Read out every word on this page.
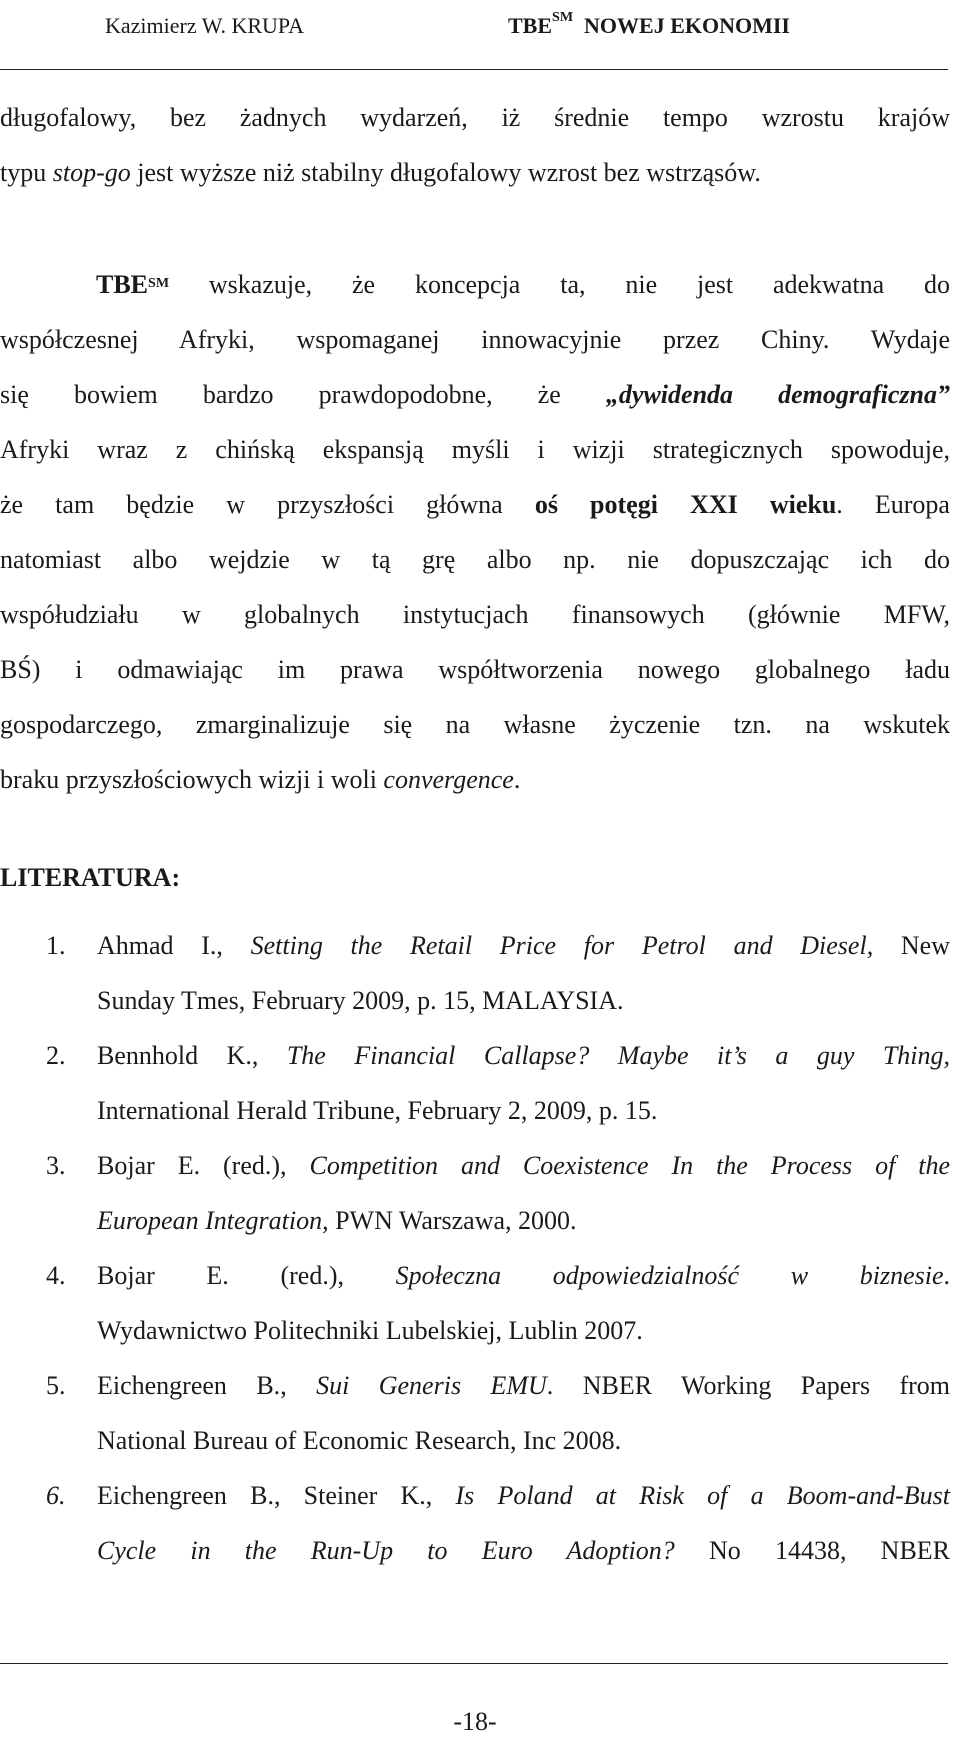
Kazimierz W. KRUPA	TBE℠ NOWEJ EKONOMII
długofalowy, bez żadnych wydarzeń, iż średnie tempo wzrostu krajów
typu stop-go jest wyższe niż stabilny długofalowy wzrost bez wstrząsów.
TBE℠ wskazuje, że koncepcja ta, nie jest adekwatna do
współczesnej Afryki, wspomaganej innowacyjnie przez Chiny. Wydaje
się bowiem bardzo prawdopodobne, że „dywidenda demograficzna”
Afryki wraz z chińską ekspansją myśli i wizji strategicznych spowoduje,
że tam będzie w przyszłości główna oś potęgi XXI wieku. Europa
natomiast albo wejdzie w tą grę albo np. nie dopuszczając ich do
współudziału w globalnych instytucjach finansowych (głównie MFW,
BŚ) i odmawiając im prawa współtworzenia nowego globalnego ładu
gospodarczego, zmarginalizuje się na własne życzenie tzn. na wskutek
braku przyszłościowych wizji i woli convergence.
LITERATURA:
1. Ahmad I., Setting the Retail Price for Petrol and Diesel, New
Sunday Tmes, February 2009, p. 15, MALAYSIA.
2. Bennhold K., The Financial Callapse? Maybe it’s a guy Thing,
International Herald Tribune, February 2, 2009, p. 15.
3. Bojar E. (red.), Competition and Coexistence In the Process of the
European Integration, PWN Warszawa, 2000.
4. Bojar E. (red.), Społeczna odpowiedzialność w biznesie.
Wydawnictwo Politechniki Lubelskiej, Lublin 2007.
5. Eichengreen B., Sui Generis EMU. NBER Working Papers from
National Bureau of Economic Research, Inc 2008.
6. Eichengreen B., Steiner K., Is Poland at Risk of a Boom-and-Bust
Cycle in the Run-Up to Euro Adoption? No 14438, NBER
-18-
